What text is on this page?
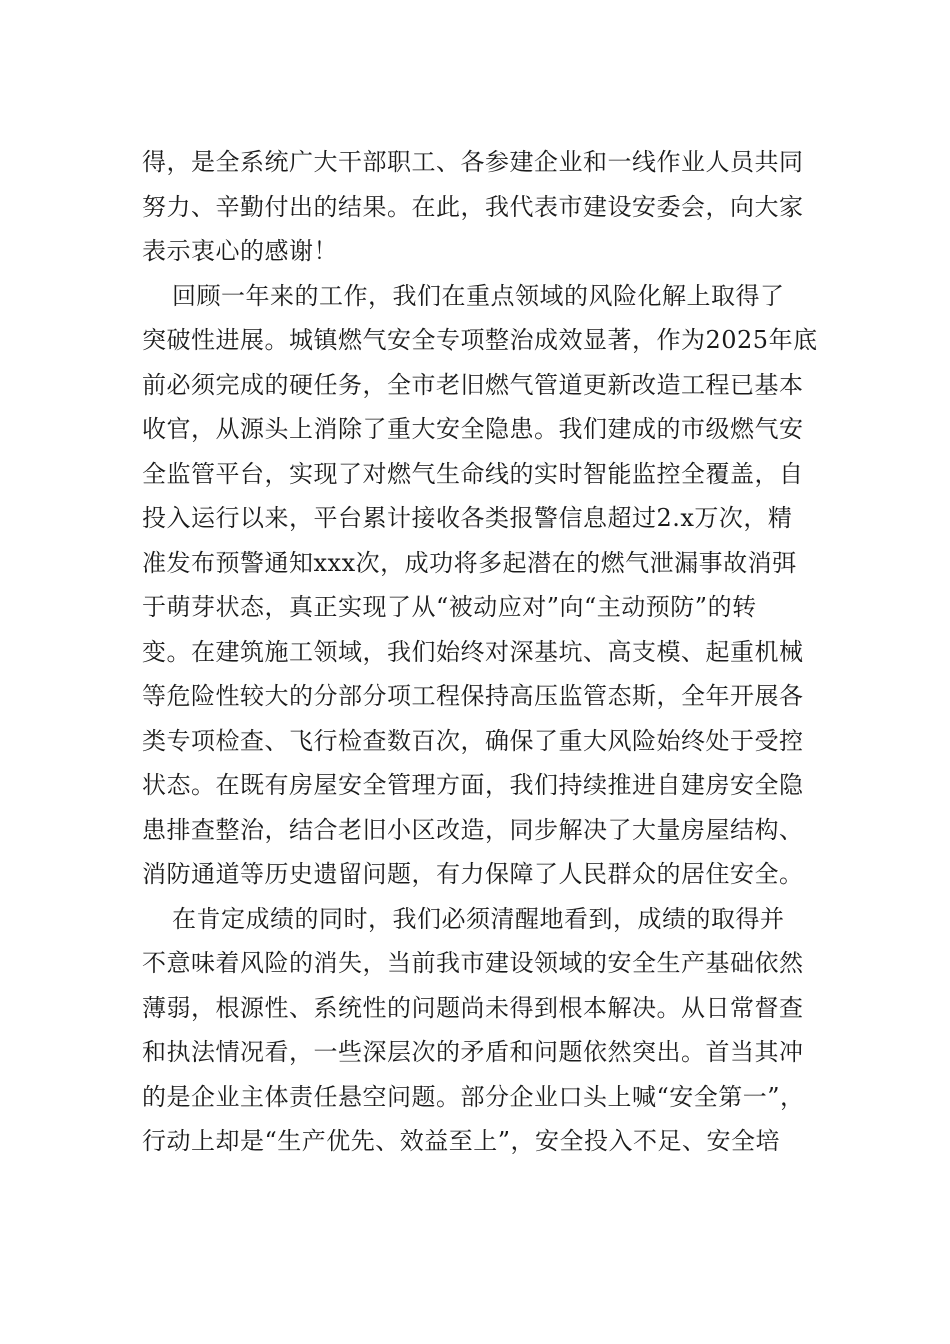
得，是全系统广大干部职工、各参建企业和一线作业人员共同
努力、辛勤付出的结果。在此，我代表市建设安委会，向大家
表示衷心的感谢！
回顾一年来的工作，我们在重点领域的风险化解上取得了
突破性进展。城镇燃气安全专项整治成效显著，作为2025年底
前必须完成的硬任务，全市老旧燃气管道更新改造工程已基本
收官，从源头上消除了重大安全隐患。我们建成的市级燃气安
全监管平台，实现了对燃气生命线的实时智能监控全覆盖，自
投入运行以来，平台累计接收各类报警信息超过2.x万次，精
准发布预警通知xxx次，成功将多起潜在的燃气泄漏事故消弭
于萌芽状态，真正实现了从“被动应对”向“主动预防”的转
变。在建筑施工领域，我们始终对深基坑、高支模、起重机械
等危险性较大的分部分项工程保持高压监管态斯，全年开展各
类专项检查、飞行检查数百次，确保了重大风险始终处于受控
状态。在既有房屋安全管理方面，我们持续推进自建房安全隐
患排查整治，结合老旧小区改造，同步解决了大量房屋结构、
消防通道等历史遗留问题，有力保障了人民群众的居住安全。
在肯定成绩的同时，我们必须清醒地看到，成绩的取得并
不意味着风险的消失，当前我市建设领域的安全生产基础依然
薄弱，根源性、系统性的问题尚未得到根本解决。从日常督查
和执法情况看，一些深层次的矛盾和问题依然突出。首当其冲
的是企业主体责任悬空问题。部分企业口头上喊“安全第一”，
行动上却是“生产优先、效益至上”，安全投入不足、安全培
